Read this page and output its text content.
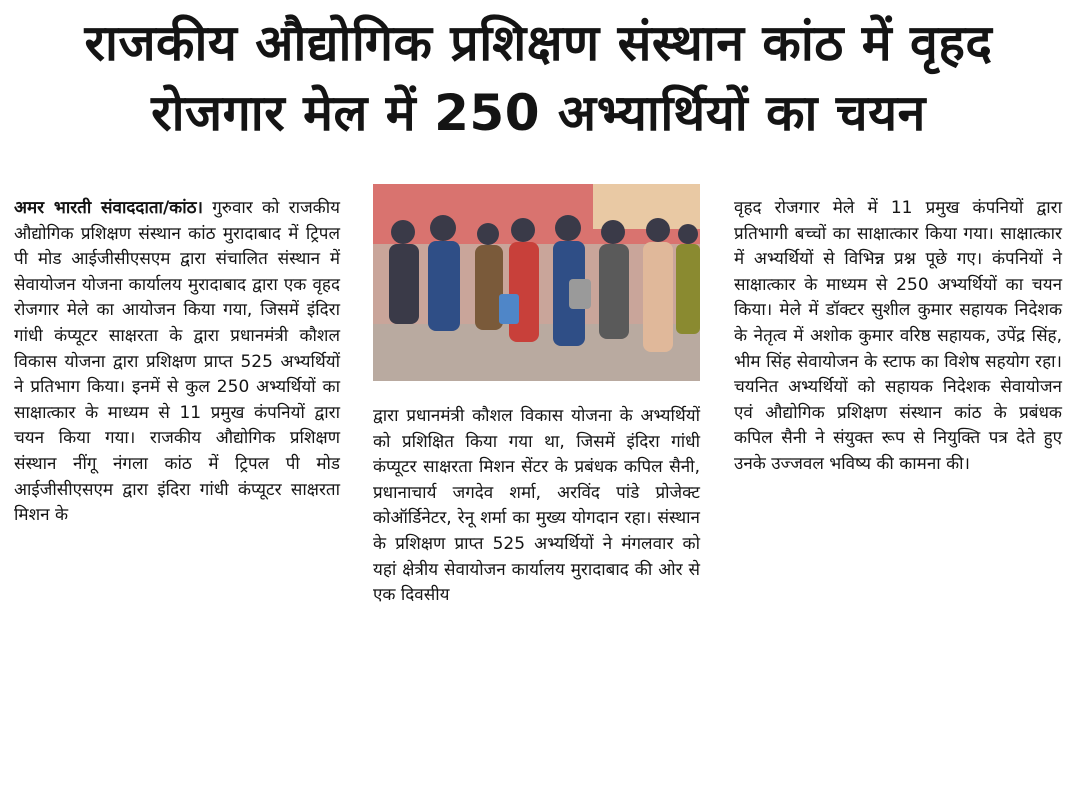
राजकीय औद्योगिक प्रशिक्षण संस्थान कांठ में वृहद
रोजगार मेल में 250 अभ्यार्थियों का चयन
अमर भारती संवाददाता/कांठ। गुरुवार को राजकीय औद्योगिक प्रशिक्षण संस्थान कांठ मुरादाबाद में ट्रिपल पी मोड आईजीसीएसएम द्वारा संचालित संस्थान में सेवायोजन योजना कार्यालय मुरादाबाद द्वारा एक वृहद रोजगार मेले का आयोजन किया गया, जिसमें इंदिरा गांधी कंप्यूटर साक्षरता के द्वारा प्रधानमंत्री कौशल विकास योजना द्वारा प्रशिक्षण प्राप्त 525 अभ्यर्थियों ने प्रतिभाग किया। इनमें से कुल 250 अभ्यर्थियों का साक्षात्कार के माध्यम से 11 प्रमुख कंपनियों द्वारा चयन किया गया। राजकीय औद्योगिक प्रशिक्षण संस्थान नींगू नंगला कांठ में ट्रिपल पी मोड आईजीसीएसएम द्वारा इंदिरा गांधी कंप्यूटर साक्षरता मिशन के
द्वारा प्रधानमंत्री कौशल विकास योजना के अभ्यर्थियों को प्रशिक्षित किया गया था, जिसमें इंदिरा गांधी कंप्यूटर साक्षरता मिशन सेंटर के प्रबंधक कपिल सैनी, प्रधानाचार्य जगदेव शर्मा, अरविंद पांडे प्रोजेक्ट कोऑर्डिनेटर, रेनू शर्मा का मुख्य योगदान रहा। संस्थान के प्रशिक्षण प्राप्त 525 अभ्यर्थियों ने मंगलवार को यहां क्षेत्रीय सेवायोजन कार्यालय मुरादाबाद की ओर से एक दिवसीय
वृहद रोजगार मेले में 11 प्रमुख कंपनियों द्वारा प्रतिभागी बच्चों का साक्षात्कार किया गया। साक्षात्कार में अभ्यर्थियों से विभिन्न प्रश्न पूछे गए। कंपनियों ने साक्षात्कार के माध्यम से 250 अभ्यर्थियों का चयन किया। मेले में डॉक्टर सुशील कुमार सहायक निदेशक के नेतृत्व में अशोक कुमार वरिष्ठ सहायक, उपेंद्र सिंह, भीम सिंह सेवायोजन के स्टाफ का विशेष सहयोग रहा। चयनित अभ्यर्थियों को सहायक निदेशक सेवायोजन एवं औद्योगिक प्रशिक्षण संस्थान कांठ के प्रबंधक कपिल सैनी ने संयुक्त रूप से नियुक्ति पत्र देते हुए उनके उज्जवल भविष्य की कामना की।
